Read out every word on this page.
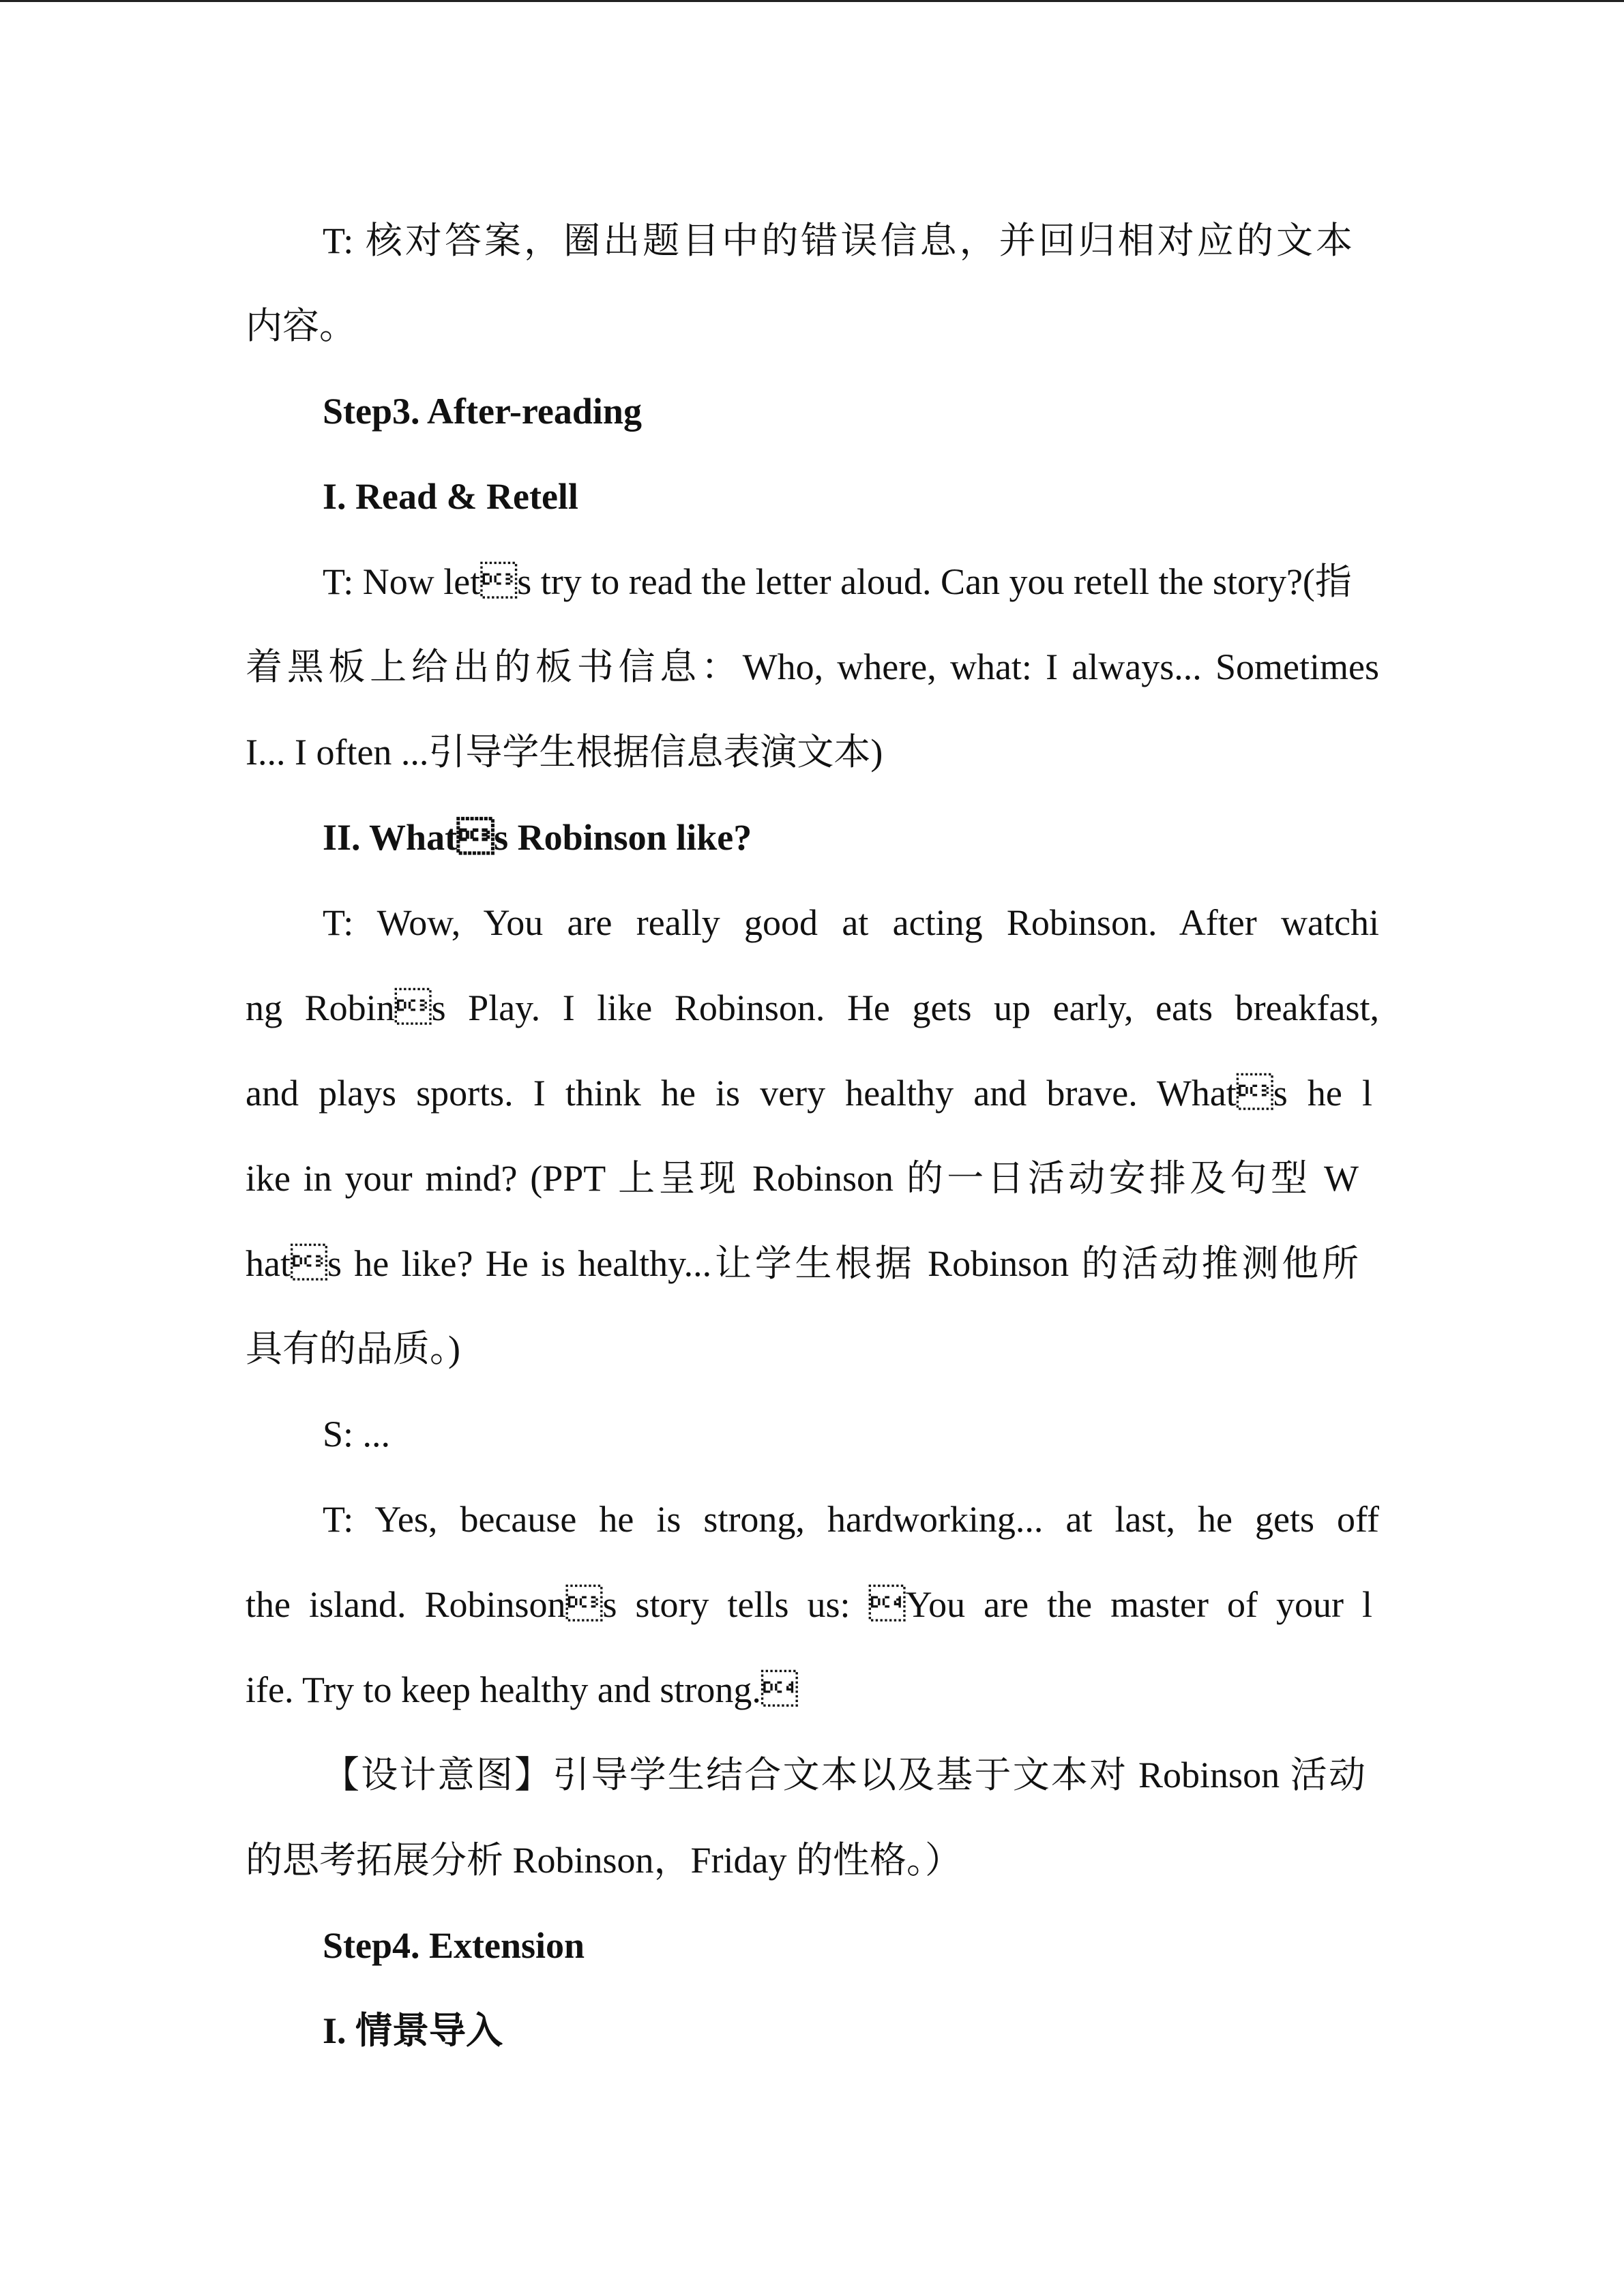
T: 核对答案，圈出题目中的错误信息，并回归相对应的文本
内容。
Step3. After-reading
I. Read & Retell
T: Now lets try to read the letter aloud. Can you retell the story?(指
着黑板上给出的板书信息：Who, where, what: I always... Sometimes
I... I often ...引导学生根据信息表演文本)
II. Whats Robinson like?
T: Wow, You are really good at acting Robinson. After watchi
ng Robins Play. I like Robinson. He gets up early, eats breakfast,
and plays sports. I think he is very healthy and brave. Whats he l
ike in your mind? (PPT 上呈现 Robinson 的一日活动安排及句型 W
hats he like? He is healthy...让学生根据 Robinson 的活动推测他所
具有的品质。)
S: ...
T: Yes, because he is strong, hardworking... at last, he gets off
the island. Robinsons story tells us: You are the master of your l
ife. Try to keep healthy and strong.
【设计意图】引导学生结合文本以及基于文本对 Robinson 活动
的思考拓展分析 Robinson，Friday 的性格。）
Step4. Extension
I. 情景导入
